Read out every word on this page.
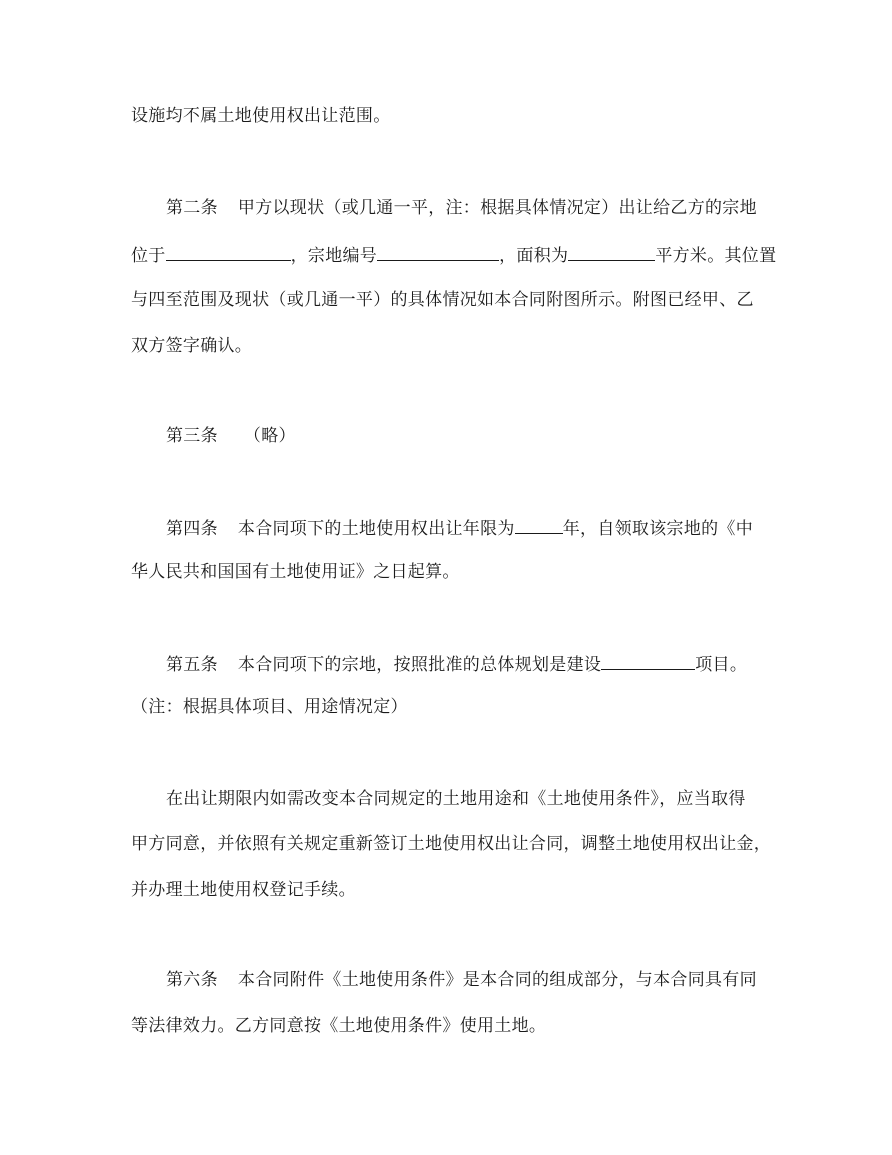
设施均不属土地使用权出让范围。
第二条 甲方以现状（或几通一平，注：根据具体情况定）出让给乙方的宗地
位于	，宗地编号	，面积为	平方米。其位置
与四至范围及现状（或几通一平）的具体情况如本合同附图所示。附图已经甲、乙
双方签字确认。
第三条 （略）
第四条 本合同项下的土地使用权出让年限为	年，自领取该宗地的《中
华人民共和国国有土地使用证》之日起算。
第五条 本合同项下的宗地，按照批准的总体规划是建设	项目。
（注：根据具体项目、用途情况定）
在出让期限内如需改变本合同规定的土地用途和《土地使用条件》，应当取得
甲方同意，并依照有关规定重新签订土地使用权出让合同，调整土地使用权出让金，
并办理土地使用权登记手续。
第六条 本合同附件《土地使用条件》是本合同的组成部分，与本合同具有同
等法律效力。乙方同意按《土地使用条件》使用土地。
